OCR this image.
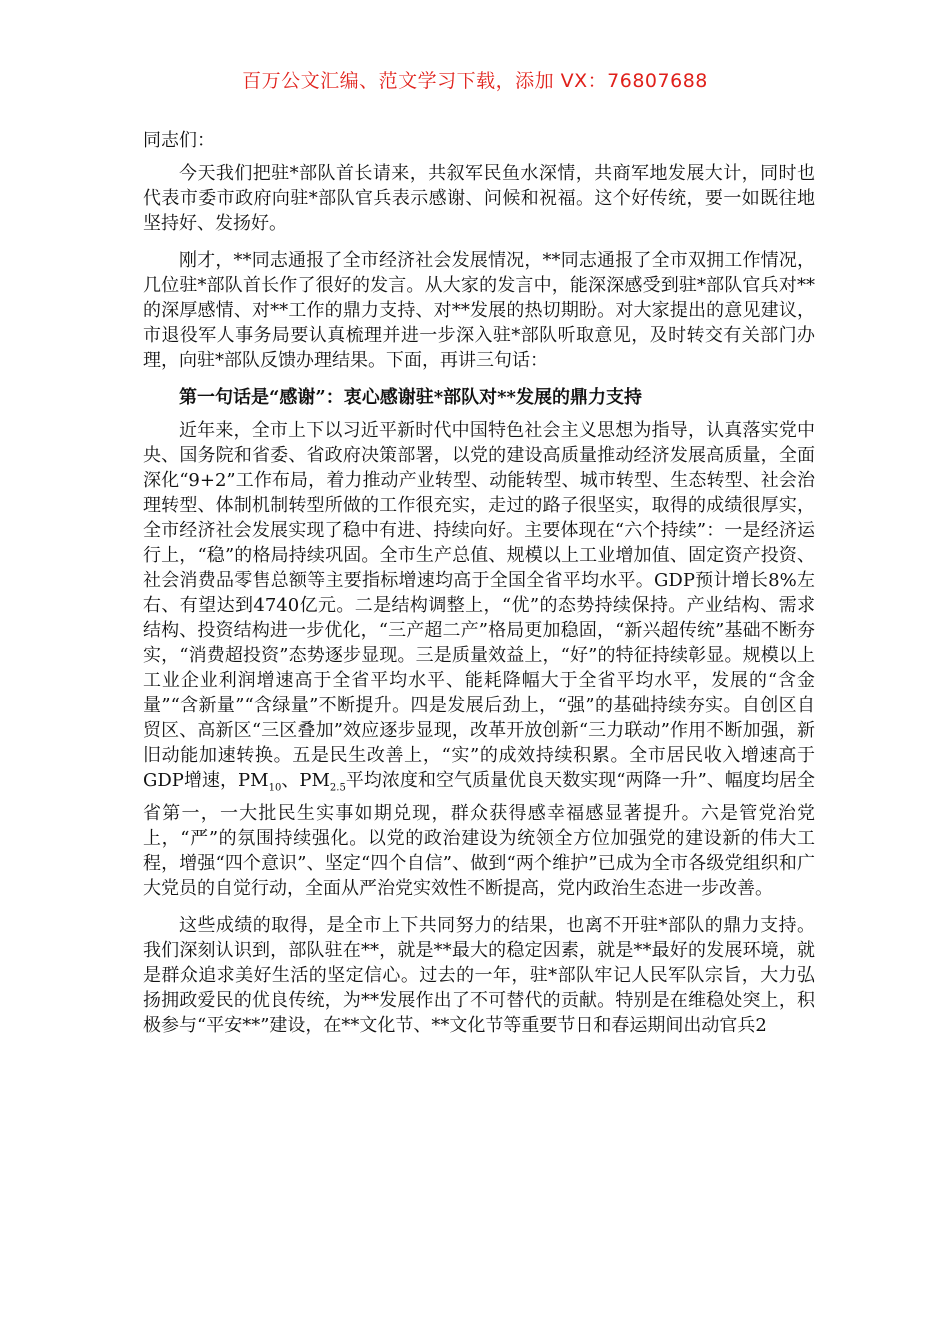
百万公文汇编、范文学习下载，添加 VX：76807688

同志们：

今天我们把驻*部队首长请来，共叙军民鱼水深情，共商军地发展大计，同时也代表市委市政府向驻*部队官兵表示感谢、问候和祝福。这个好传统，要一如既往地坚持好、发扬好。

刚才，**同志通报了全市经济社会发展情况，**同志通报了全市双拥工作情况，几位驻*部队首长作了很好的发言。从大家的发言中，能深深感受到驻*部队官兵对**的深厚感情、对**工作的鼎力支持、对**发展的热切期盼。对大家提出的意见建议，市退役军人事务局要认真梳理并进一步深入驻*部队听取意见，及时转交有关部门办理，向驻*部队反馈办理结果。下面，再讲三句话：

第一句话是“感谢”：衷心感谢驻*部队对**发展的鼎力支持

近年来，全市上下以习近平新时代中国特色社会主义思想为指导，认真落实党中央、国务院和省委、省政府决策部署，以党的建设高质量推动经济发展高质量，全面深化“9+2”工作布局，着力推动产业转型、动能转型、城市转型、生态转型、社会治理转型、体制机制转型所做的工作很充实，走过的路子很坚实，取得的成绩很厚实，全市经济社会发展实现了稳中有进、持续向好。主要体现在“六个持续”：一是经济运行上，“稳”的格局持续巩固。全市生产总值、规模以上工业增加值、固定资产投资、社会消费品零售总额等主要指标增速均高于全国全省平均水平。GDP预计增长8%左右、有望达到4740亿元。二是结构调整上，“优”的态势持续保持。产业结构、需求结构、投资结构进一步优化，“三产超二产”格局更加稳固，“新兴超传统”基础不断夯实，“消费超投资”态势逐步显现。三是质量效益上，“好”的特征持续彰显。规模以上工业企业利润增速高于全省平均水平、能耗降幅大于全省平均水平，发展的“含金量”“含新量”“含绿量”不断提升。四是发展后劲上，“强”的基础持续夯实。自创区自贸区、高新区“三区叠加”效应逐步显现，改革开放创新“三力联动”作用不断加强，新旧动能加速转换。五是民生改善上，“实”的成效持续积累。全市居民收入增速高于GDP增速，$PM_{10}$、$PM_{2.5}$平均浓度和空气质量优良天数实现“两降一升”、幅度均居全省第一，一大批民生实事如期兑现，群众获得感幸福感显著提升。六是管党治党上，“严”的氛围持续强化。以党的政治建设为统领全方位加强党的建设新的伟大工程，增强“四个意识”、坚定“四个自信”、做到“两个维护”已成为全市各级党组织和广大党员的自觉行动，全面从严治党实效性不断提高，党内政治生态进一步改善。

这些成绩的取得，是全市上下共同努力的结果，也离不开驻*部队的鼎力支持。我们深刻认识到，部队驻在**，就是**最大的稳定因素，就是**最好的发展环境，就是群众追求美好生活的坚定信心。过去的一年，驻*部队牢记人民军队宗旨，大力弘扬拥政爱民的优良传统，为**发展作出了不可替代的贡献。特别是在维稳处突上，积极参与“平安**”建设，在**文化节、**文化节等重要节日和春运期间出动官兵2
